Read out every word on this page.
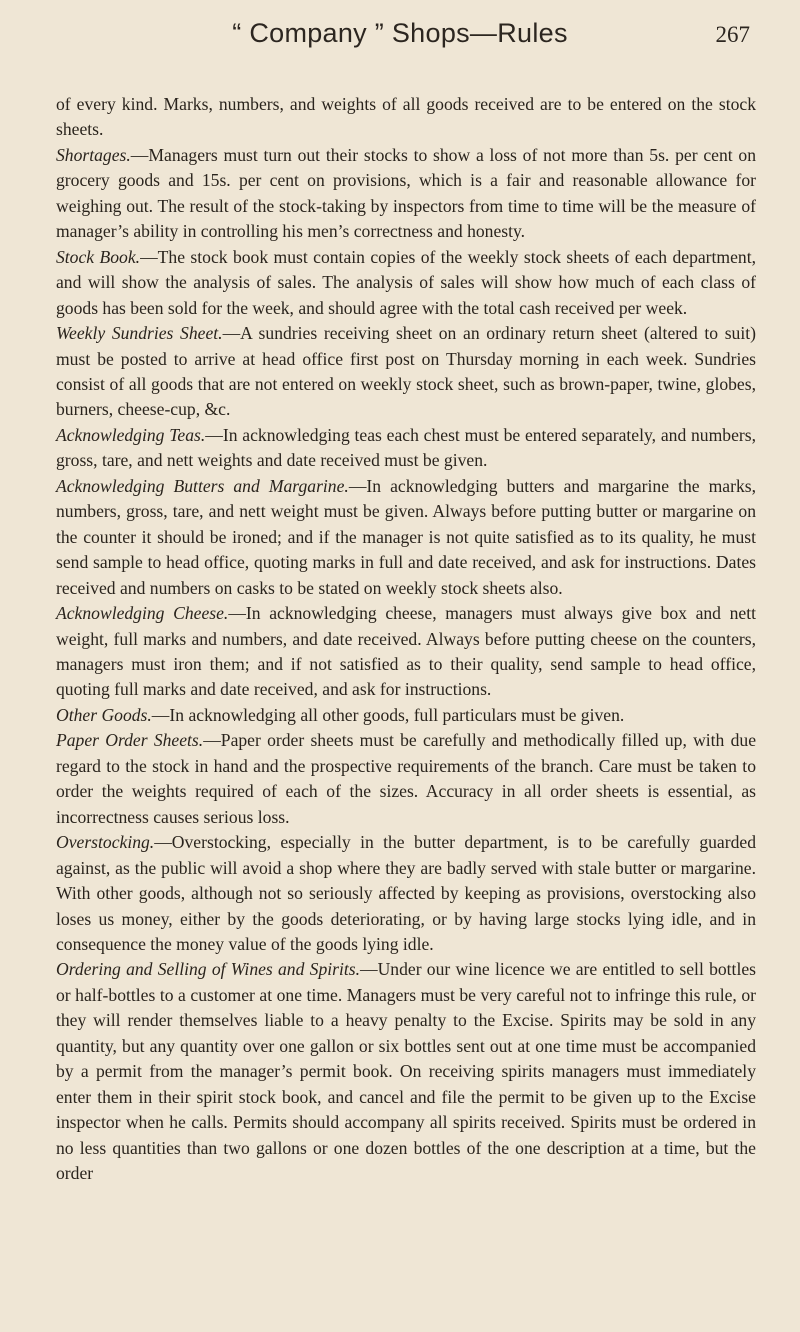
“ Company ” Shops—Rules	267

of every kind. Marks, numbers, and weights of all goods received are to be entered on the stock sheets.

Shortages.—Managers must turn out their stocks to show a loss of not more than 5s. per cent on grocery goods and 15s. per cent on provisions, which is a fair and reasonable allowance for weighing out. The result of the stock-taking by inspectors from time to time will be the measure of manager’s ability in controlling his men’s correctness and honesty.

Stock Book.—The stock book must contain copies of the weekly stock sheets of each department, and will show the analysis of sales. The analysis of sales will show how much of each class of goods has been sold for the week, and should agree with the total cash received per week.

Weekly Sundries Sheet.—A sundries receiving sheet on an ordinary return sheet (altered to suit) must be posted to arrive at head office first post on Thursday morning in each week. Sundries consist of all goods that are not entered on weekly stock sheet, such as brown-paper, twine, globes, burners, cheese-cup, &c.

Acknowledging Teas.—In acknowledging teas each chest must be entered separately, and numbers, gross, tare, and nett weights and date received must be given.

Acknowledging Butters and Margarine.—In acknowledging butters and margarine the marks, numbers, gross, tare, and nett weight must be given. Always before putting butter or margarine on the counter it should be ironed; and if the manager is not quite satisfied as to its quality, he must send sample to head office, quoting marks in full and date received, and ask for instructions. Dates received and numbers on casks to be stated on weekly stock sheets also.

Acknowledging Cheese.—In acknowledging cheese, managers must always give box and nett weight, full marks and numbers, and date received. Always before putting cheese on the counters, managers must iron them; and if not satisfied as to their quality, send sample to head office, quoting full marks and date received, and ask for instructions.

Other Goods.—In acknowledging all other goods, full particulars must be given.

Paper Order Sheets.—Paper order sheets must be carefully and methodically filled up, with due regard to the stock in hand and the prospective requirements of the branch. Care must be taken to order the weights required of each of the sizes. Accuracy in all order sheets is essential, as incorrectness causes serious loss.

Overstocking.—Overstocking, especially in the butter department, is to be carefully guarded against, as the public will avoid a shop where they are badly served with stale butter or margarine. With other goods, although not so seriously affected by keeping as provisions, overstocking also loses us money, either by the goods deteriorating, or by having large stocks lying idle, and in consequence the money value of the goods lying idle.

Ordering and Selling of Wines and Spirits.—Under our wine licence we are entitled to sell bottles or half-bottles to a customer at one time. Managers must be very careful not to infringe this rule, or they will render themselves liable to a heavy penalty to the Excise. Spirits may be sold in any quantity, but any quantity over one gallon or six bottles sent out at one time must be accompanied by a permit from the manager’s permit book. On receiving spirits managers must immediately enter them in their spirit stock book, and cancel and file the permit to be given up to the Excise inspector when he calls. Permits should accompany all spirits received. Spirits must be ordered in no less quantities than two gallons or one dozen bottles of the one description at a time, but the order
